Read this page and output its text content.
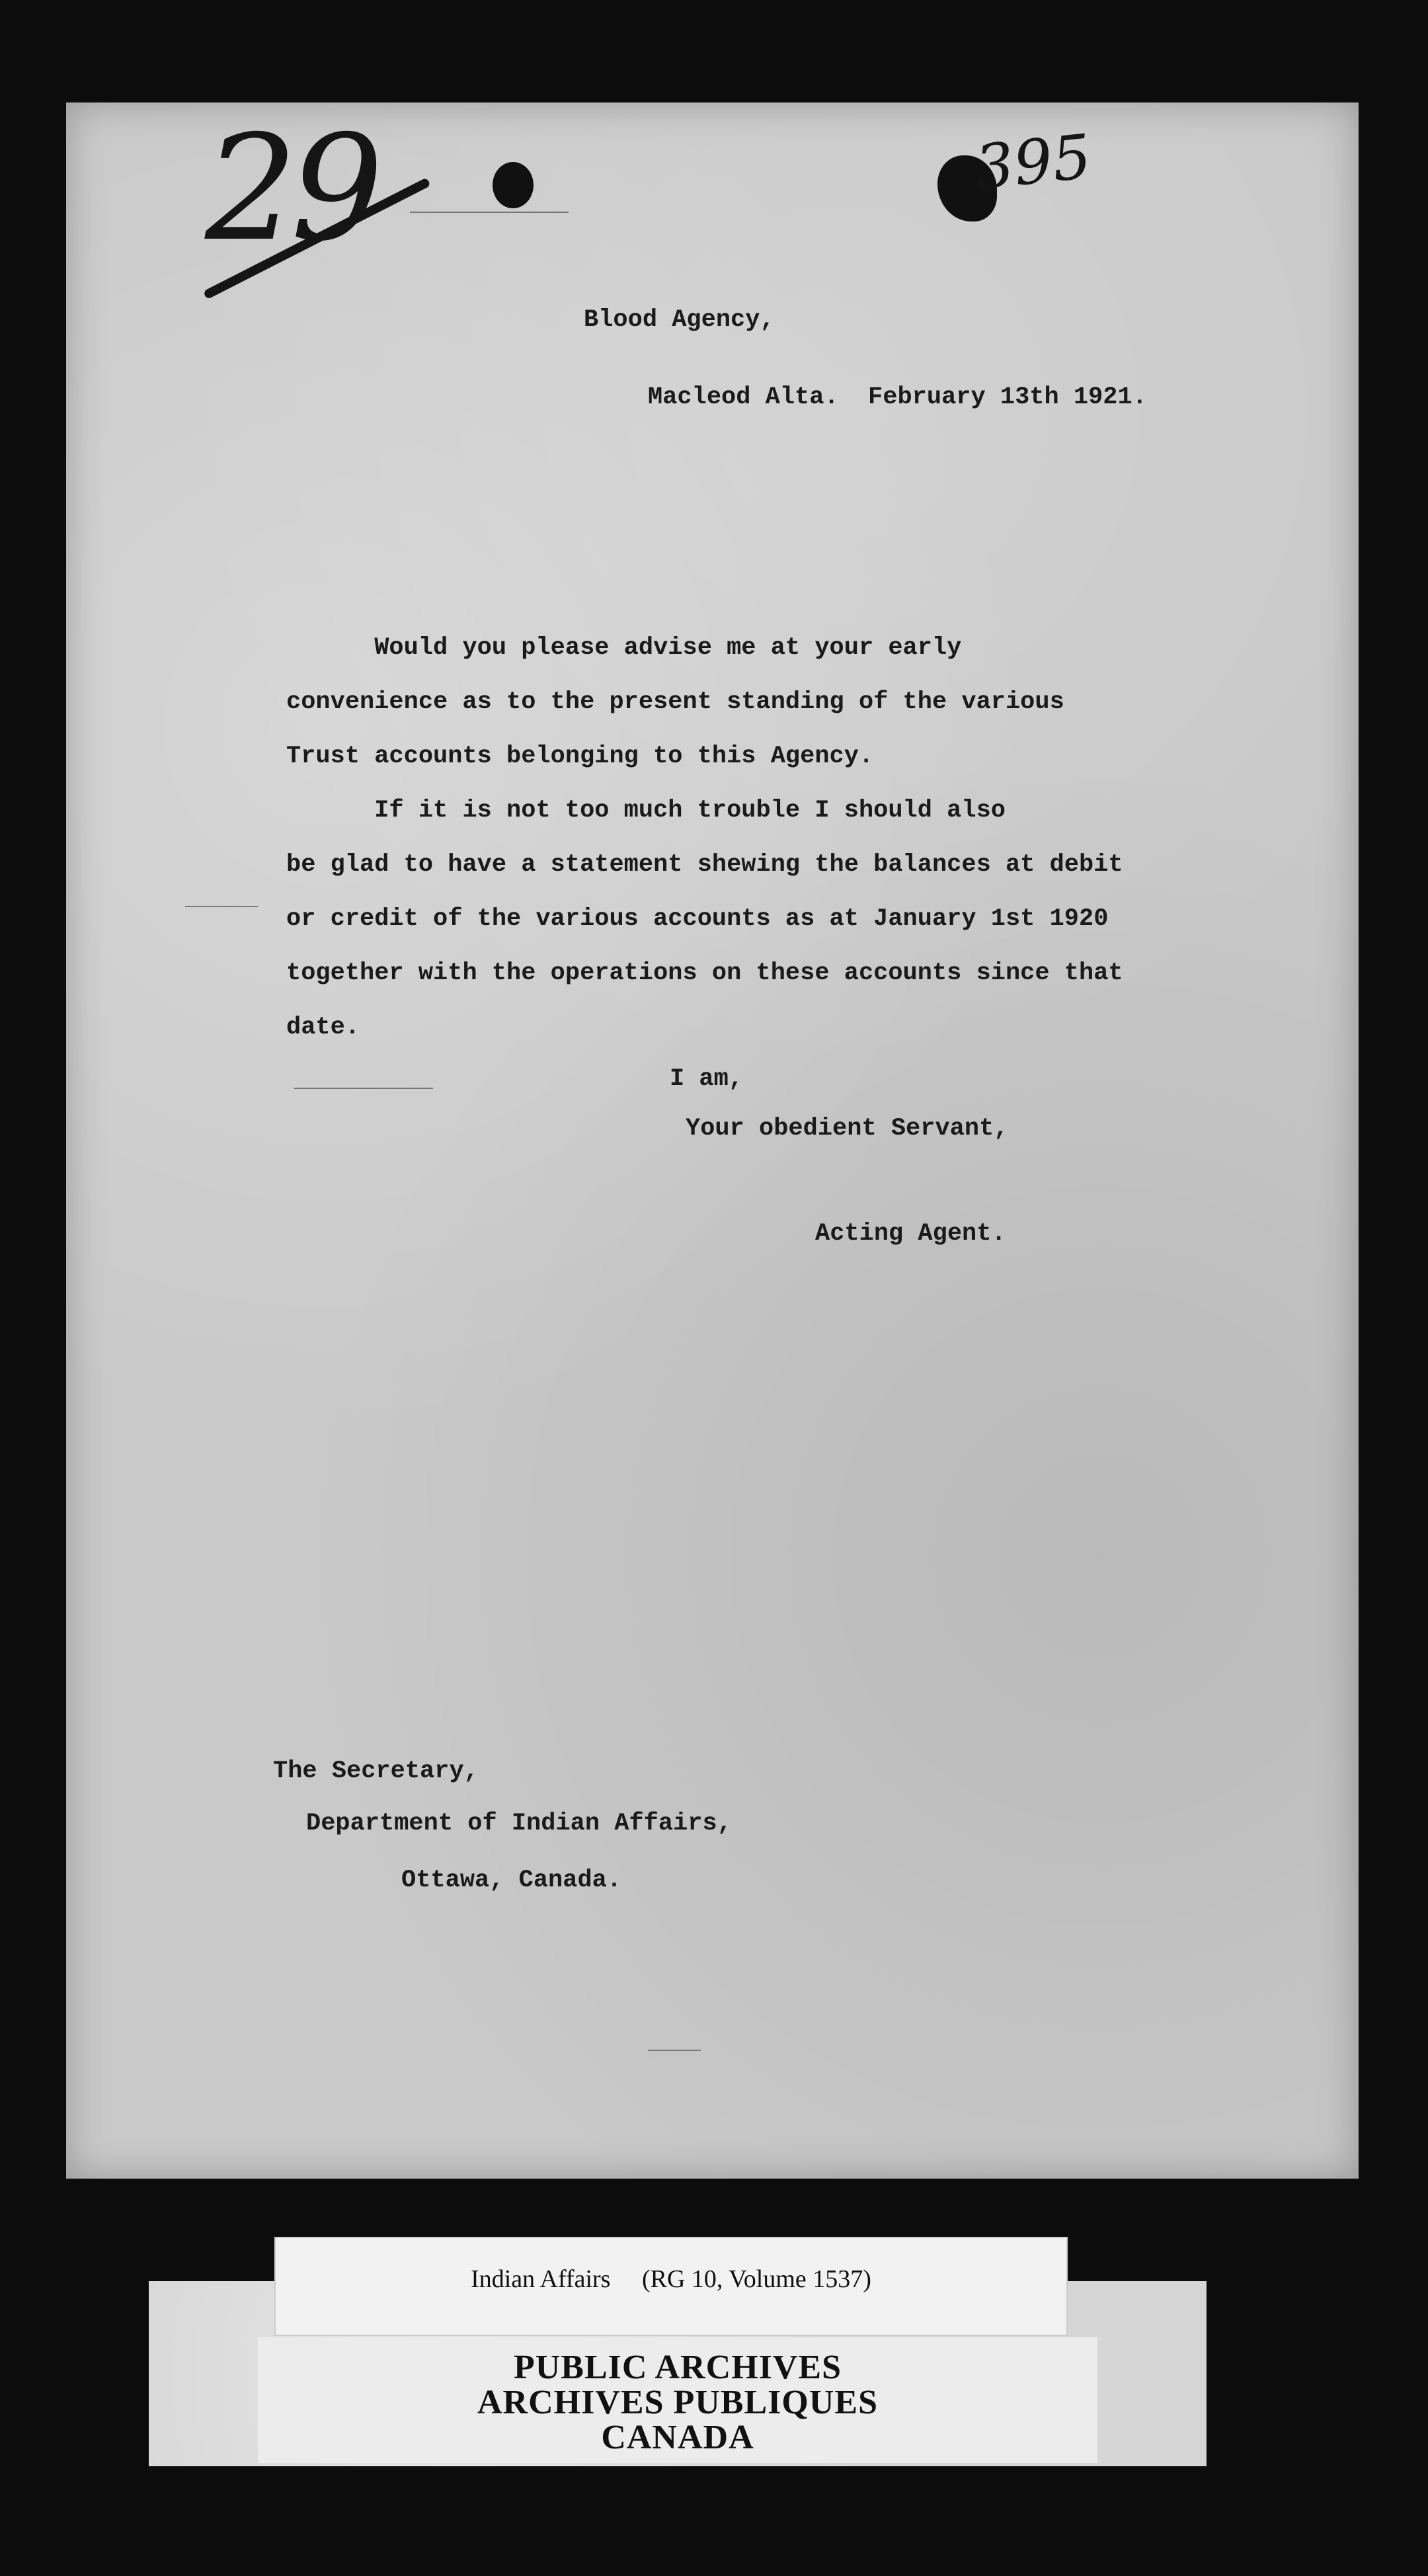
29	395
Blood Agency,
Macleod Alta.  February 13th 1921.
Would you please advise me at your early
convenience as to the present standing of the various
Trust accounts belonging to this Agency.
If it is not too much trouble I should also
be glad to have a statement shewing the balances at debit
or credit of the various accounts as at January 1st 1920
together with the operations on these accounts since that
date.
I am,
Your obedient Servant,
Acting Agent.
The Secretary,
Department of Indian Affairs,
Ottawa, Canada.
PUBLIC ARCHIVES
ARCHIVES PUBLIQUES
CANADA
Indian Affairs     (RG 10, Volume 1537)
